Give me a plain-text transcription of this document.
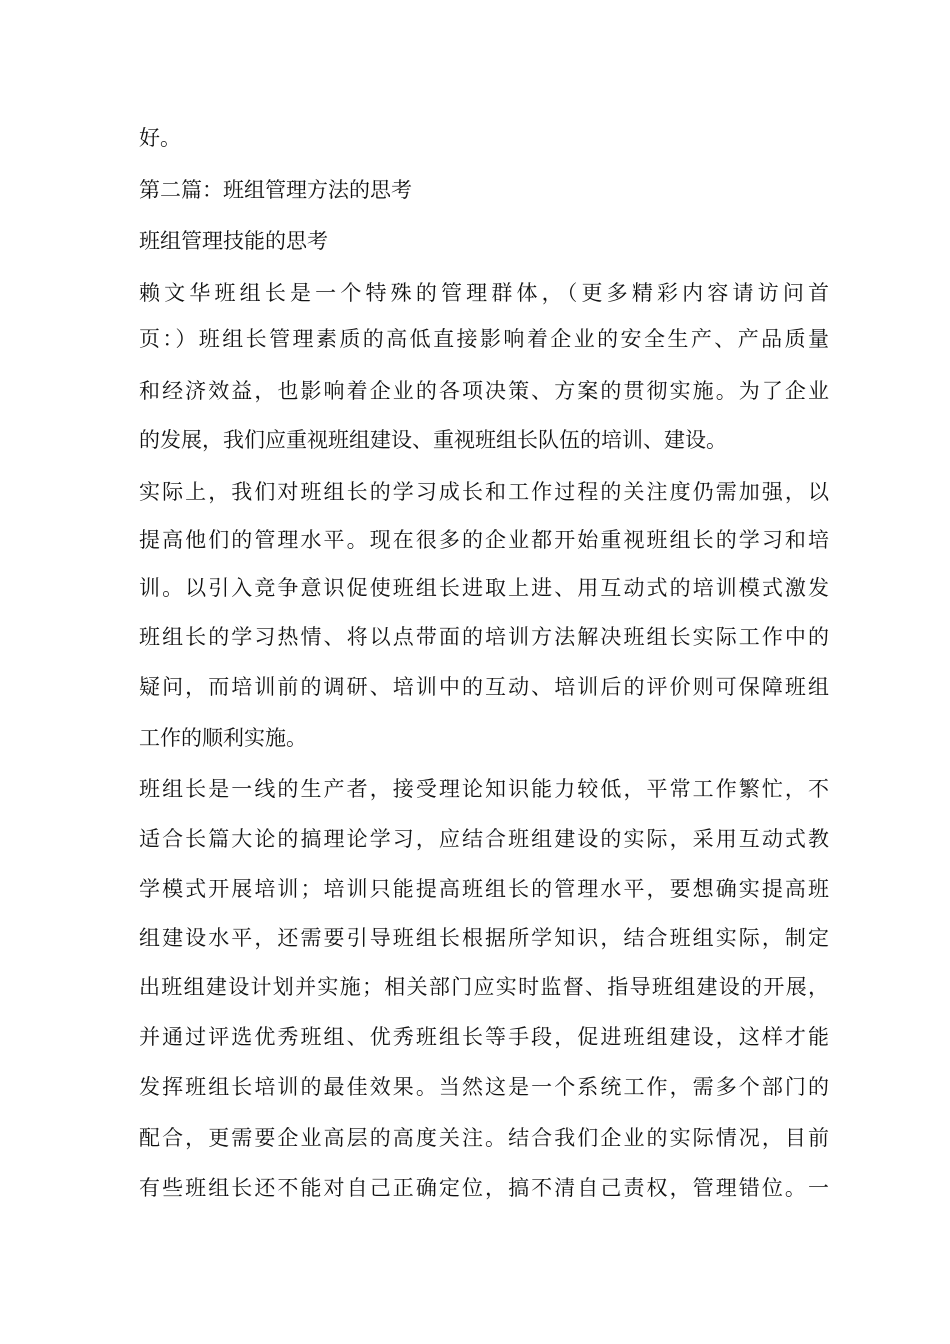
好。
第二篇：班组管理方法的思考
班组管理技能的思考
赖文华班组长是一个特殊的管理群体，（更多精彩内容请访问首
页：）班组长管理素质的高低直接影响着企业的安全生产、产品质量
和经济效益，也影响着企业的各项决策、方案的贯彻实施。为了企业
的发展，我们应重视班组建设、重视班组长队伍的培训、建设。
实际上，我们对班组长的学习成长和工作过程的关注度仍需加强，以
提高他们的管理水平。现在很多的企业都开始重视班组长的学习和培
训。以引入竞争意识促使班组长进取上进、用互动式的培训模式激发
班组长的学习热情、将以点带面的培训方法解决班组长实际工作中的
疑问，而培训前的调研、培训中的互动、培训后的评价则可保障班组
工作的顺利实施。
班组长是一线的生产者，接受理论知识能力较低，平常工作繁忙，不
适合长篇大论的搞理论学习，应结合班组建设的实际，采用互动式教
学模式开展培训；培训只能提高班组长的管理水平，要想确实提高班
组建设水平，还需要引导班组长根据所学知识，结合班组实际，制定
出班组建设计划并实施；相关部门应实时监督、指导班组建设的开展，
并通过评选优秀班组、优秀班组长等手段，促进班组建设，这样才能
发挥班组长培训的最佳效果。当然这是一个系统工作，需多个部门的
配合，更需要企业高层的高度关注。结合我们企业的实际情况，目前
有些班组长还不能对自己正确定位，搞不清自己责权，管理错位。一
